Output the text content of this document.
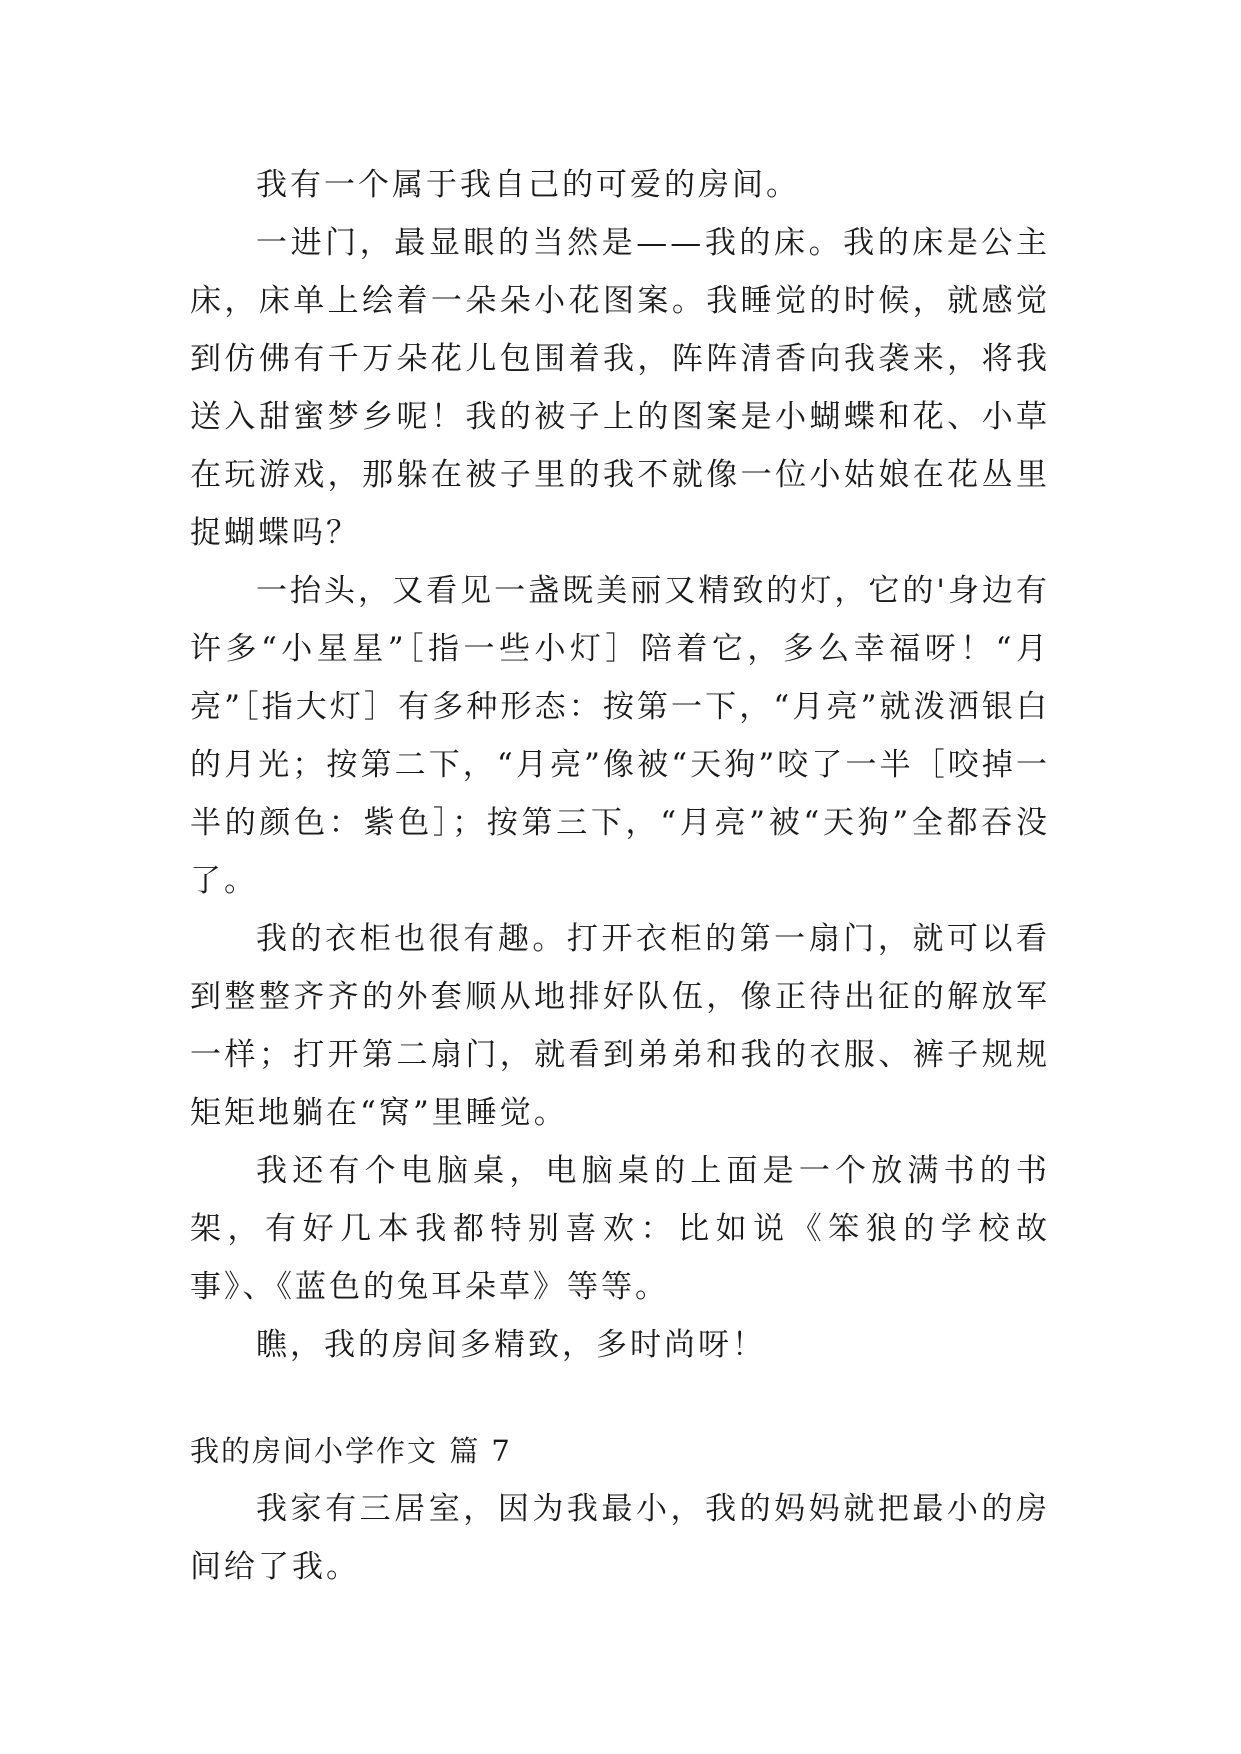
我有一个属于我自己的可爱的房间。

一进门，最显眼的当然是——我的床。我的床是公主床，床单上绘着一朵朵小花图案。我睡觉的时候，就感觉到仿佛有千万朵花儿包围着我，阵阵清香向我袭来，将我送入甜蜜梦乡呢！我的被子上的图案是小蝴蝶和花、小草在玩游戏，那躲在被子里的我不就像一位小姑娘在花丛里捉蝴蝶吗？

一抬头，又看见一盏既美丽又精致的灯，它的'身边有许多“小星星”［指一些小灯］陪着它，多么幸福呀！“月亮”［指大灯］有多种形态：按第一下，“月亮”就泼洒银白的月光；按第二下，“月亮”像被“天狗”咬了一半［咬掉一半的颜色：紫色］；按第三下，“月亮”被“天狗”全都吞没了。

我的衣柜也很有趣。打开衣柜的第一扇门，就可以看到整整齐齐的外套顺从地排好队伍，像正待出征的解放军一样；打开第二扇门，就看到弟弟和我的衣服、裤子规规矩矩地躺在“窝”里睡觉。

我还有个电脑桌，电脑桌的上面是一个放满书的书架，有好几本我都特别喜欢：比如说《笨狼的学校故事》、《蓝色的兔耳朵草》等等。

瞧，我的房间多精致，多时尚呀！

我的房间小学作文 篇 7

我家有三居室，因为我最小，我的妈妈就把最小的房间给了我。
